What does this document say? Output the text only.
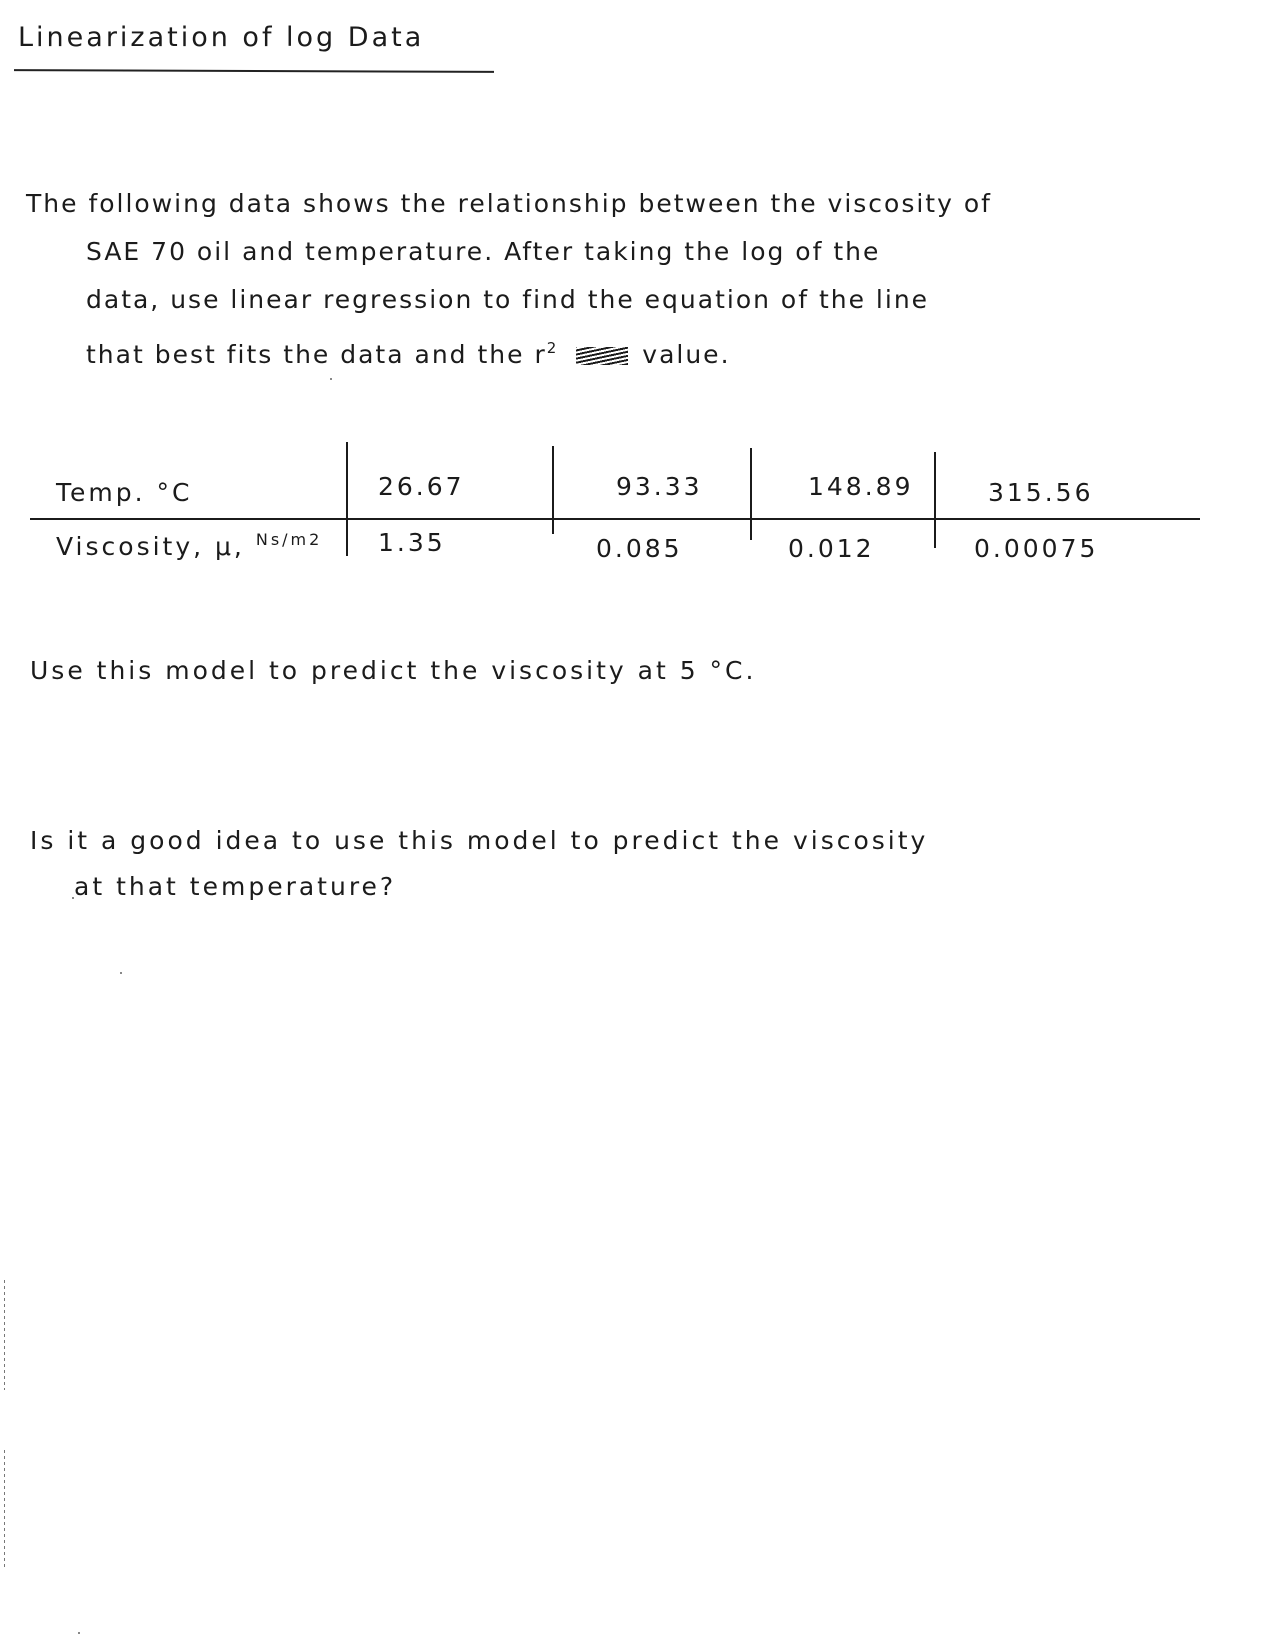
Linearization of log Data
The following data shows the relationship between the viscosity of
SAE 70 oil and temperature. After taking the log of the
data, use linear regression to find the equation of the line
that best fits the data and the $r^2$	value.
Temp. °C	26.67	93.33	148.89	315.56
Viscosity, μ, $^{Ns/m2}$ 1.35	0.085	0.012	0.00075
Use this model to predict the viscosity at 5 °C.
Is it a good idea to use this model to predict the viscosity
at that temperature?
